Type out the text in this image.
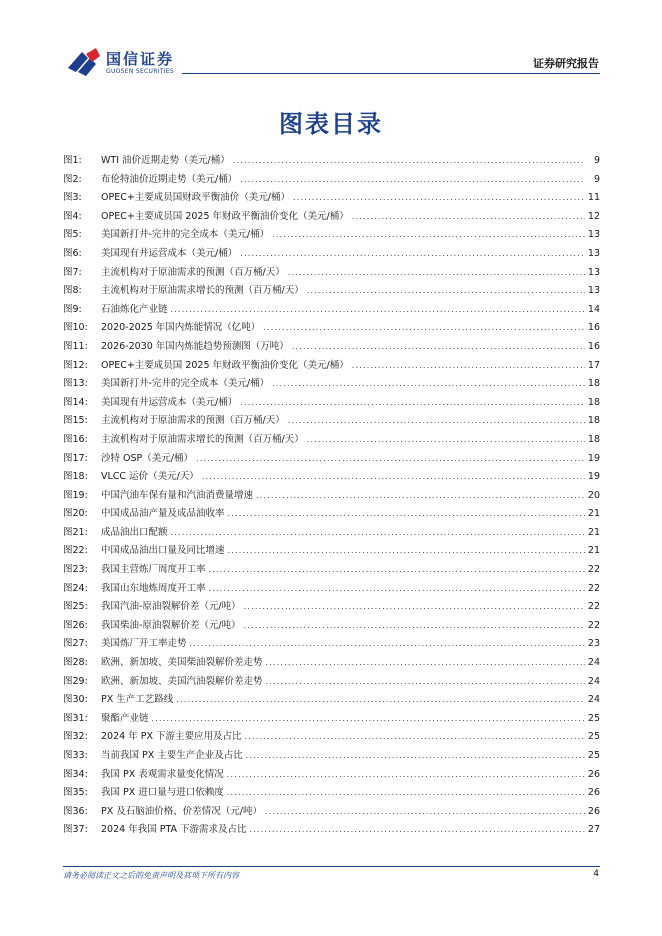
国信证券
GUOSEN SECURITIES
证券研究报告
图表目录
图1:	WTI 油价近期走势（美元/桶） .....	9
图2:	布伦特油价近期走势（美元/桶） .....	9
图3:	OPEC+主要成员国财政平衡油价（美元/桶） .....	11
图4:	OPEC+主要成员国 2025 年财政平衡油价变化（美元/桶） .....	12
图5:	美国新打井-完井的完全成本（美元/桶） .....	13
图6:	美国现有井运营成本（美元/桶） .....	13
图7:	主流机构对于原油需求的预测（百万桶/天） .....	13
图8:	主流机构对于原油需求增长的预测（百万桶/天） .....	13
图9:	石油炼化产业链 .....	14
图10:	2020-2025 年国内炼能情况（亿吨） .....	16
图11:	2026-2030 年国内炼能趋势预测图（万吨） .....	16
图12:	OPEC+主要成员国 2025 年财政平衡油价变化（美元/桶） .....	17
图13:	美国新打井-完井的完全成本（美元/桶） .....	18
图14:	美国现有井运营成本（美元/桶） .....	18
图15:	主流机构对于原油需求的预测（百万桶/天） .....	18
图16:	主流机构对于原油需求增长的预测（百万桶/天） .....	18
图17:	沙特 OSP（美元/桶） .....	19
图18:	VLCC 运价（美元/天） .....	19
图19:	中国汽油车保有量和汽油消费量增速 .....	20
图20:	中国成品油产量及成品油收率 .....	21
图21:	成品油出口配额 .....	21
图22:	中国成品油出口量及同比增速 .....	21
图23:	我国主营炼厂周度开工率 .....	22
图24:	我国山东地炼周度开工率 .....	22
图25:	我国汽油-原油裂解价差（元/吨） .....	22
图26:	我国柴油-原油裂解价差（元/吨） .....	22
图27:	美国炼厂开工率走势 .....	23
图28:	欧洲、新加坡、美国柴油裂解价差走势 .....	24
图29:	欧洲、新加坡、美国汽油裂解价差走势 .....	24
图30:	PX 生产工艺路线 .....	24
图31:	聚酯产业链 .....	25
图32:	2024 年 PX 下游主要应用及占比 .....	25
图33:	当前我国 PX 主要生产企业及占比 .....	25
图34:	我国 PX 表观需求量变化情况 .....	26
图35:	我国 PX 进口量与进口依赖度 .....	26
图36:	PX 及石脑油价格、价差情况（元/吨） .....	26
图37:	2024 年我国 PTA 下游需求及占比 .....	27
请务必阅读正文之后的免责声明及其项下所有内容	4
